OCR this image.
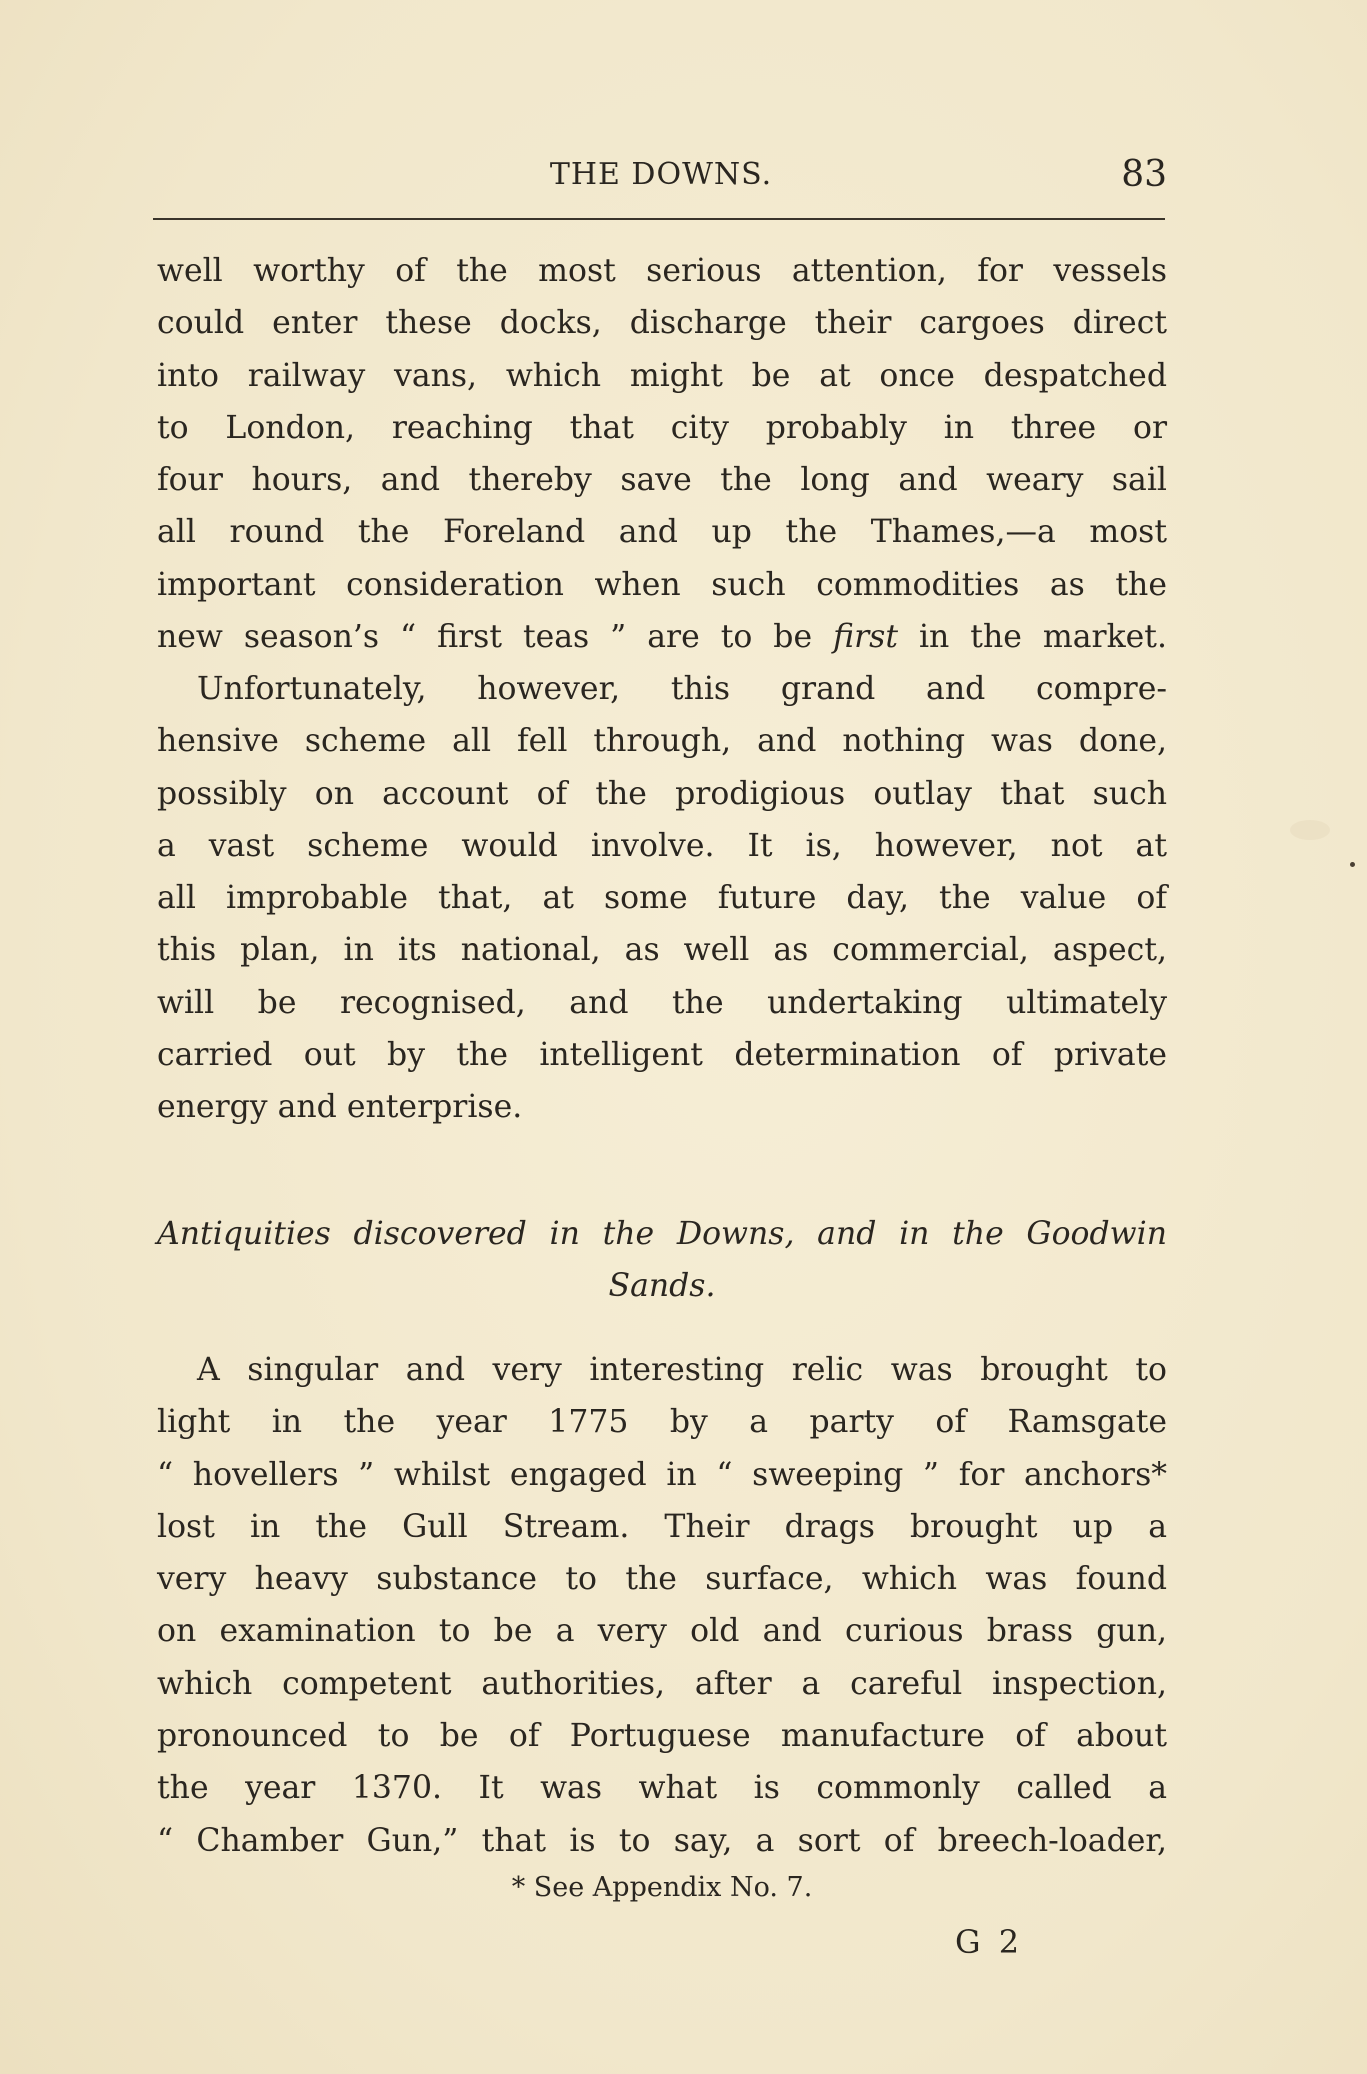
THE DOWNS.	83
well worthy of the most serious attention, for vessels
could enter these docks, discharge their cargoes direct
into railway vans, which might be at once despatched
to London, reaching that city probably in three or
four hours, and thereby save the long and weary sail
all round the Foreland and up the Thames,—a most
important consideration when such commodities as the
new season’s “ first teas ” are to be first in the market.
Unfortunately, however, this grand and compre-
hensive scheme all fell through, and nothing was done,
possibly on account of the prodigious outlay that such
a vast scheme would involve. It is, however, not at
all improbable that, at some future day, the value of
this plan, in its national, as well as commercial, aspect,
will be recognised, and the undertaking ultimately
carried out by the intelligent determination of private
energy and enterprise.
Antiquities discovered in the Downs, and in the Goodwin
Sands.
A singular and very interesting relic was brought to
light in the year 1775 by a party of Ramsgate
“ hovellers ” whilst engaged in “ sweeping ” for anchors*
lost in the Gull Stream. Their drags brought up a
very heavy substance to the surface, which was found
on examination to be a very old and curious brass gun,
which competent authorities, after a careful inspection,
pronounced to be of Portuguese manufacture of about
the year 1370. It was what is commonly called a
“ Chamber Gun,” that is to say, a sort of breech-loader,
* See Appendix No. 7.
G 2
